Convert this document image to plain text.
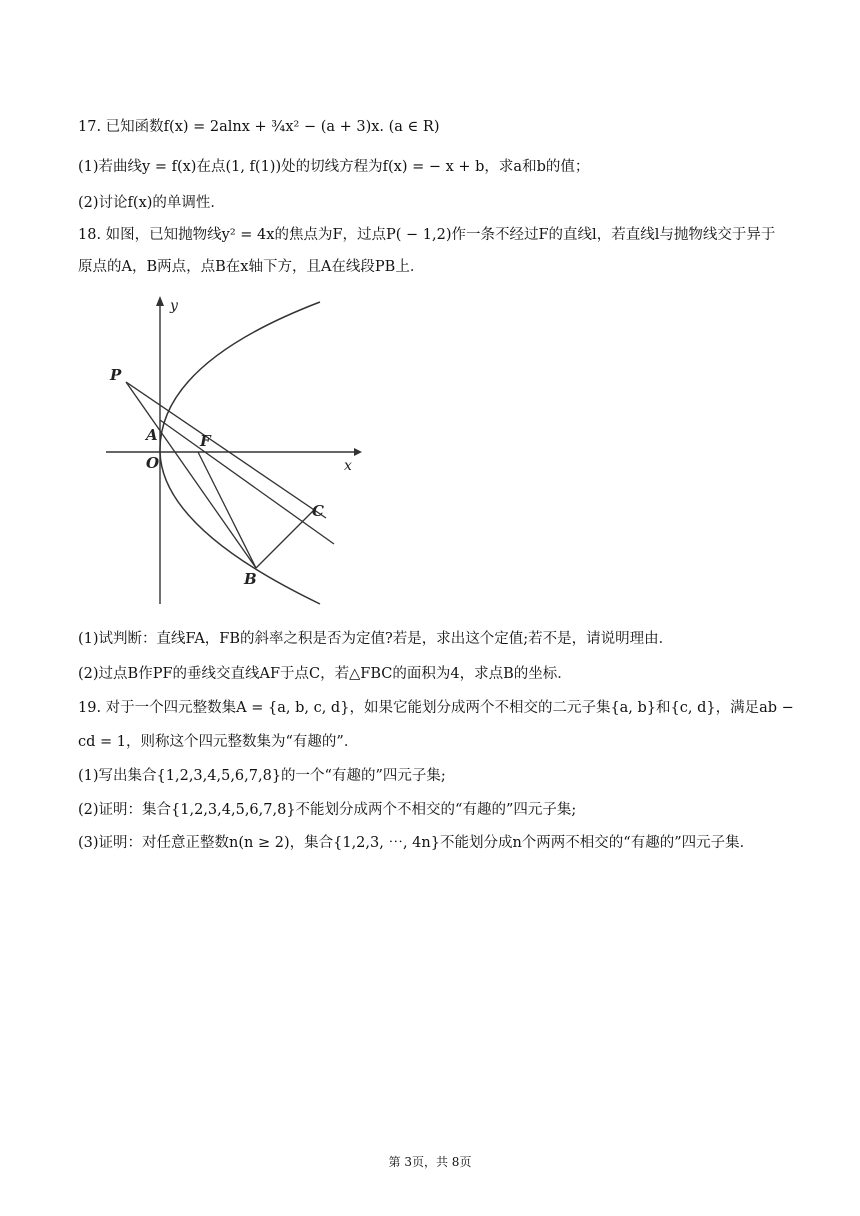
17. 已知函数f(x) = 2alnx + ¾x² − (a + 3)x. (a ∈ R)
(1)若曲线y = f(x)在点(1, f(1))处的切线方程为f(x) = − x + b，求a和b的值；
(2)讨论f(x)的单调性．
18. 如图，已知抛物线y² = 4x的焦点为F，过点P( − 1,2)作一条不经过F的直线l，若直线l与抛物线交于异于
原点的A，B两点，点B在x轴下方，且A在线段PB上．
y
x
P
A	F
O
C
B
(1)试判断：直线FA，FB的斜率之积是否为定值?若是，求出这个定值;若不是，请说明理由．
(2)过点B作PF的垂线交直线AF于点C，若△FBC的面积为4，求点B的坐标．
19. 对于一个四元整数集A = {a, b, c, d}，如果它能划分成两个不相交的二元子集{a, b}和{c, d}，满足ab −
cd = 1，则称这个四元整数集为“有趣的”．
(1)写出集合{1,2,3,4,5,6,7,8}的一个“有趣的”四元子集;
(2)证明：集合{1,2,3,4,5,6,7,8}不能划分成两个不相交的“有趣的”四元子集;
(3)证明：对任意正整数n(n ≥ 2)，集合{1,2,3, ⋯, 4n}不能划分成n个两两不相交的“有趣的”四元子集．
第 3页，共 8页
